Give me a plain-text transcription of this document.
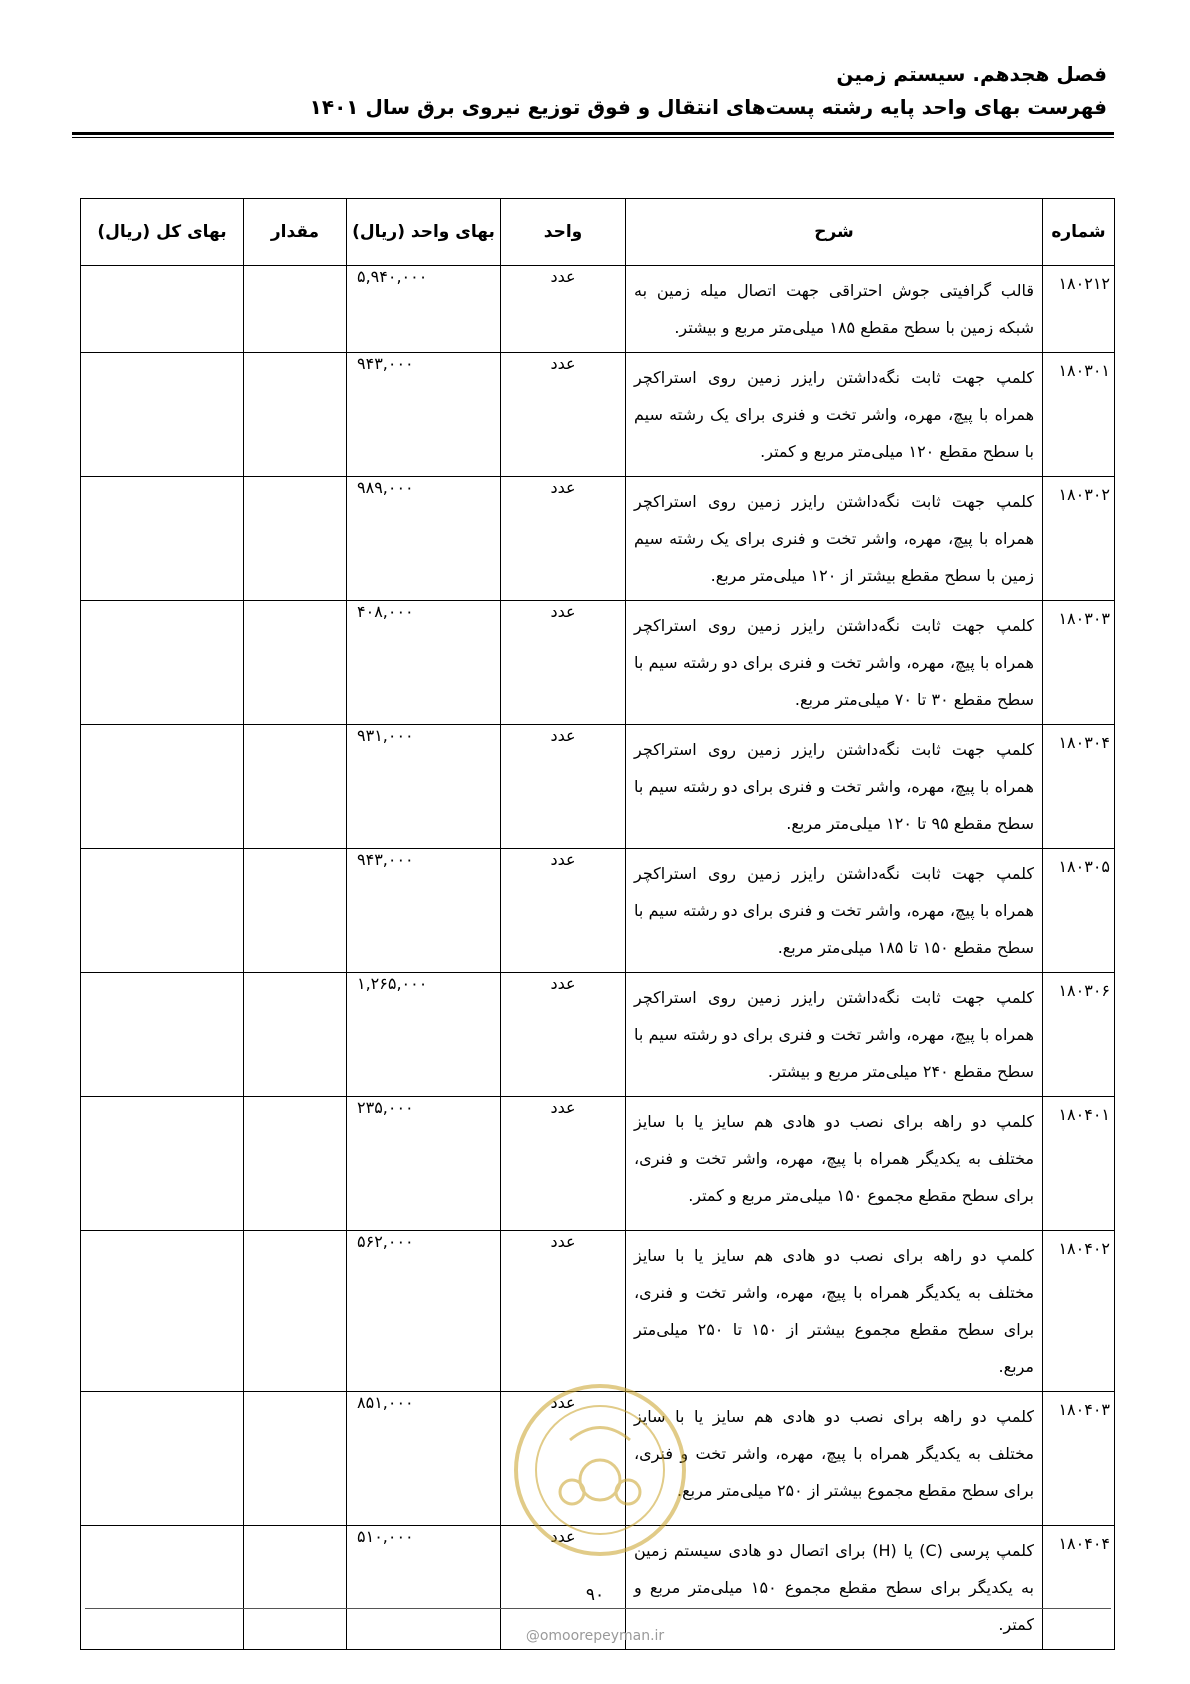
فصل هجدهم. سیستم زمین
فهرست بهای واحد پایه رشته پست‌های انتقال و فوق توزیع نیروی برق سال ۱۴۰۱
شماره	شرح	واحد	بهای واحد (ریال)	مقدار	بهای کل (ریال)
۱۸۰۲۱۲	قالب گرافیتی جوش احتراقی جهت اتصال میله زمین به شبکه زمین با سطح مقطع ۱۸۵ میلی‌متر مربع و بیشتر.	عدد	۵,۹۴۰,۰۰۰		
۱۸۰۳۰۱	کلمپ جهت ثابت نگه‌داشتن رایزر زمین روی استراکچر همراه با پیچ، مهره، واشر تخت و فنری برای یک رشته سیم با سطح مقطع ۱۲۰ میلی‌متر مربع و کمتر.	عدد	۹۴۳,۰۰۰		
۱۸۰۳۰۲	کلمپ جهت ثابت نگه‌داشتن رایزر زمین روی استراکچر همراه با پیچ، مهره، واشر تخت و فنری برای یک رشته سیم زمین با سطح مقطع بیشتر از ۱۲۰ میلی‌متر مربع.	عدد	۹۸۹,۰۰۰		
۱۸۰۳۰۳	کلمپ جهت ثابت نگه‌داشتن رایزر زمین روی استراکچر همراه با پیچ، مهره، واشر تخت و فنری برای دو رشته سیم با سطح مقطع ۳۰ تا ۷۰ میلی‌متر مربع.	عدد	۴۰۸,۰۰۰		
۱۸۰۳۰۴	کلمپ جهت ثابت نگه‌داشتن رایزر زمین روی استراکچر همراه با پیچ، مهره، واشر تخت و فنری برای دو رشته سیم با سطح مقطع ۹۵ تا ۱۲۰ میلی‌متر مربع.	عدد	۹۳۱,۰۰۰		
۱۸۰۳۰۵	کلمپ جهت ثابت نگه‌داشتن رایزر زمین روی استراکچر همراه با پیچ، مهره، واشر تخت و فنری برای دو رشته سیم با سطح مقطع ۱۵۰ تا ۱۸۵ میلی‌متر مربع.	عدد	۹۴۳,۰۰۰		
۱۸۰۳۰۶	کلمپ جهت ثابت نگه‌داشتن رایزر زمین روی استراکچر همراه با پیچ، مهره، واشر تخت و فنری برای دو رشته سیم با سطح مقطع ۲۴۰ میلی‌متر مربع و بیشتر.	عدد	۱,۲۶۵,۰۰۰		
۱۸۰۴۰۱	کلمپ دو راهه برای نصب دو هادی هم سایز یا با سایز مختلف به یکدیگر همراه با پیچ، مهره، واشر تخت و فنری، برای سطح مقطع مجموع ۱۵۰ میلی‌متر مربع و کمتر.	عدد	۲۳۵,۰۰۰		
۱۸۰۴۰۲	کلمپ دو راهه برای نصب دو هادی هم سایز یا با سایز مختلف به یکدیگر همراه با پیچ، مهره، واشر تخت و فنری، برای سطح مقطع مجموع بیشتر از ۱۵۰ تا ۲۵۰ میلی‌متر مربع.	عدد	۵۶۲,۰۰۰		
۱۸۰۴۰۳	کلمپ دو راهه برای نصب دو هادی هم سایز یا با سایز مختلف به یکدیگر همراه با پیچ، مهره، واشر تخت و فنری، برای سطح مقطع مجموع بیشتر از ۲۵۰ میلی‌متر مربع.	عدد	۸۵۱,۰۰۰		
۱۸۰۴۰۴	کلمپ پرسی (C) یا (H) برای اتصال دو هادی سیستم زمین به یکدیگر برای سطح مقطع مجموع ۱۵۰ میلی‌متر مربع و کمتر.	عدد	۵۱۰,۰۰۰		
۹۰
@omoorepeyman.ir
